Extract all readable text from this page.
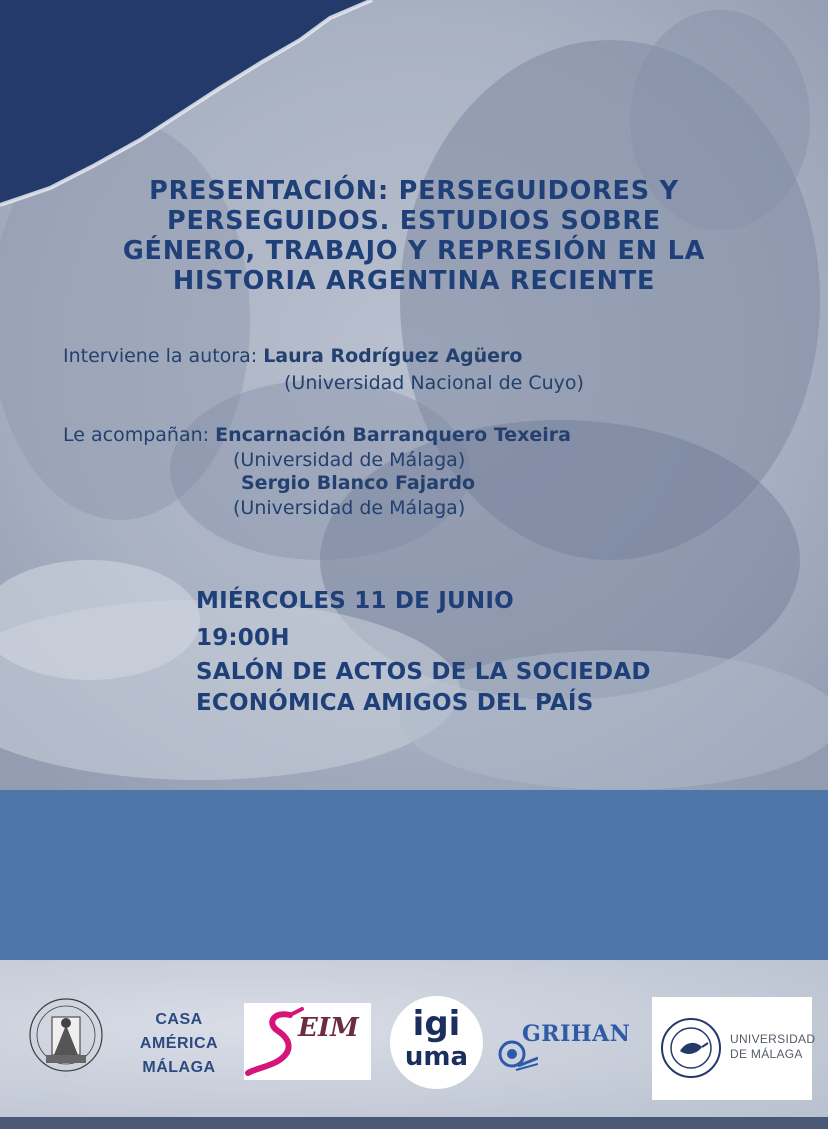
PRESENTACIÓN: PERSEGUIDORES Y
PERSEGUIDOS. ESTUDIOS SOBRE
GÉNERO, TRABAJO Y REPRESIÓN EN LA
HISTORIA ARGENTINA RECIENTE
Interviene la autora: Laura Rodríguez Agüero
(Universidad Nacional de Cuyo)
Le acompañan: Encarnación Barranquero Texeira
(Universidad de Málaga)
Sergio Blanco Fajardo
(Universidad de Málaga)
MIÉRCOLES 11 DE JUNIO
19:00H
SALÓN DE ACTOS DE LA SOCIEDAD
ECONÓMICA AMIGOS DEL PAÍS
·
CASA
AMÉRICA
MÁLAGA
EIM	igi
uma
GRIHAN	UNIVERSIDAD
DE MÁLAGA
